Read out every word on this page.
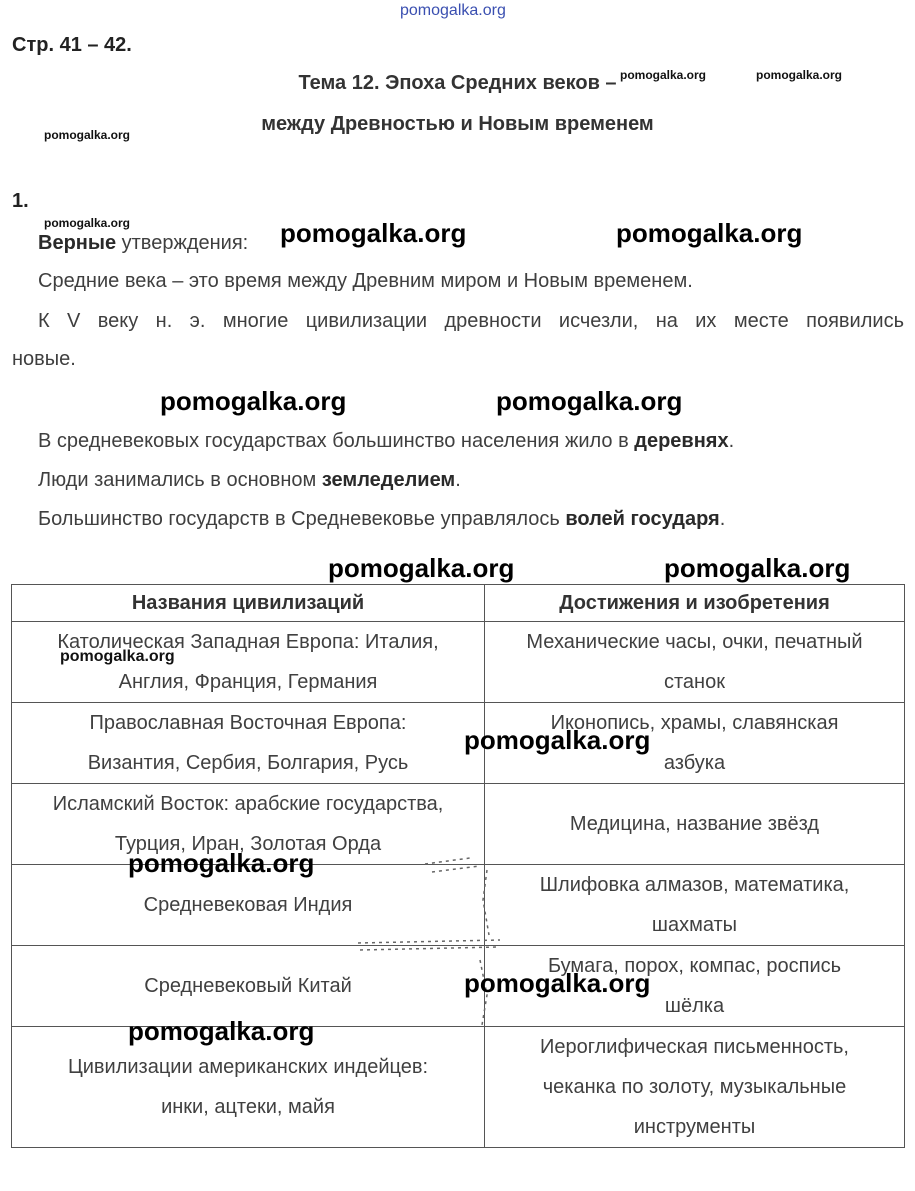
pomogalka.org
Стр. 41 – 42.
Тема 12. Эпоха Средних веков –
между Древностью и Новым временем
pomogalka.org	pomogalka.org
pomogalka.org
pomogalka.org
1.
Верные утверждения: pomogalka.org	pomogalka.org
Средние века – это время между Древним миром и Новым временем.
К V веку н. э. многие цивилизации древности исчезли, на их месте появились
новые.
pomogalka.org	pomogalka.org
В средневековых государствах большинство населения жило в деревнях.
Люди занимались в основном земледелием.
Большинство государств в Средневековье управлялось волей государя.
Названия цивилизаций	Достижения и изобретения
Католическая Западная Европа: Италия,
Англия, Франция, Германия	Механические часы, очки, печатный
станок
Православная Восточная Европа:
Византия, Сербия, Болгария, Русь	Иконопись, храмы, славянская
азбука
Исламский Восток: арабские государства,
Турция, Иран, Золотая Орда	Медицина, название звёзд
Средневековая Индия	Шлифовка алмазов, математика,
шахматы
Средневековый Китай	Бумага, порох, компас, роспись
шёлка
Цивилизации американских индейцев:
инки, ацтеки, майя	Иероглифическая письменность,
чеканка по золоту, музыкальные
инструменты
pomogalka.org	pomogalka.org
pomogalka.org
pomogalka.org
pomogalka.org
pomogalka.org
pomogalka.org
